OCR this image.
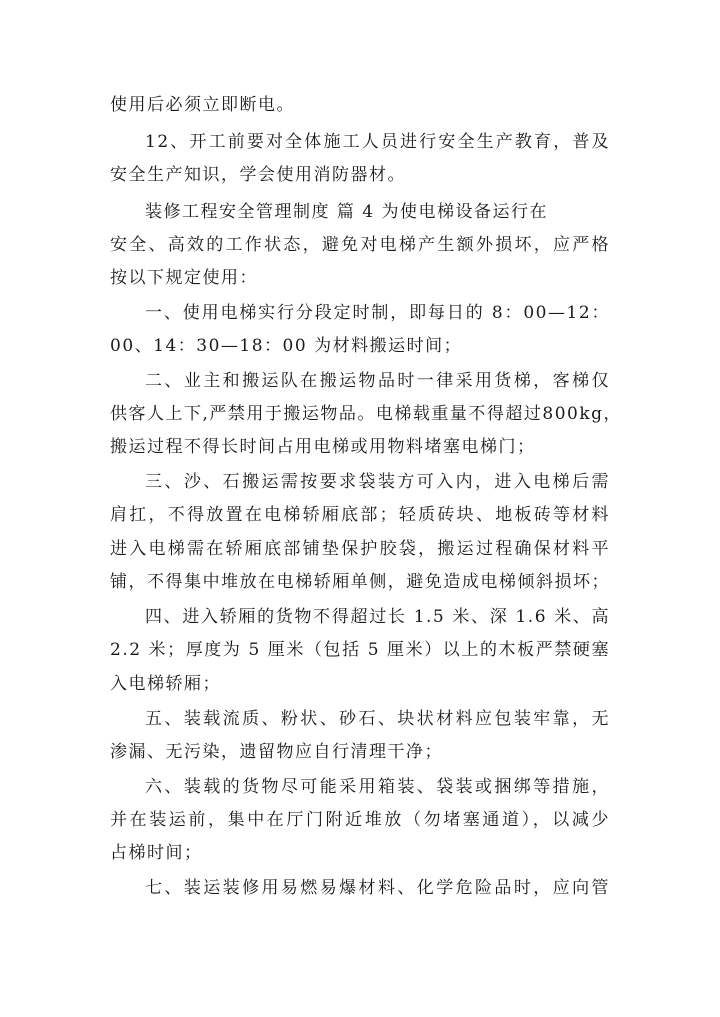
使用后必须立即断电。
12、开工前要对全体施工人员进行安全生产教育，普及
安全生产知识，学会使用消防器材。
装修工程安全管理制度 篇 4 为使电梯设备运行在
安全、高效的工作状态，避免对电梯产生额外损坏，应严格
按以下规定使用：
一、使用电梯实行分段定时制，即每日的 8：00—12：
00、14：30—18：00 为材料搬运时间；
二、业主和搬运队在搬运物品时一律采用货梯，客梯仅
供客人上下,严禁用于搬运物品。电梯载重量不得超过800kg，
搬运过程不得长时间占用电梯或用物料堵塞电梯门；
三、沙、石搬运需按要求袋装方可入内，进入电梯后需
肩扛，不得放置在电梯轿厢底部；轻质砖块、地板砖等材料
进入电梯需在轿厢底部铺垫保护胶袋，搬运过程确保材料平
铺，不得集中堆放在电梯轿厢单侧，避免造成电梯倾斜损坏；
四、进入轿厢的货物不得超过长 1.5 米、深 1.6 米、高
2.2 米；厚度为 5 厘米（包括 5 厘米）以上的木板严禁硬塞
入电梯轿厢；
五、装载流质、粉状、砂石、块状材料应包装牢靠，无
渗漏、无污染，遗留物应自行清理干净；
六、装载的货物尽可能采用箱装、袋装或捆绑等措施，
并在装运前，集中在厅门附近堆放（勿堵塞通道），以减少
占梯时间；
七、装运装修用易燃易爆材料、化学危险品时，应向管
